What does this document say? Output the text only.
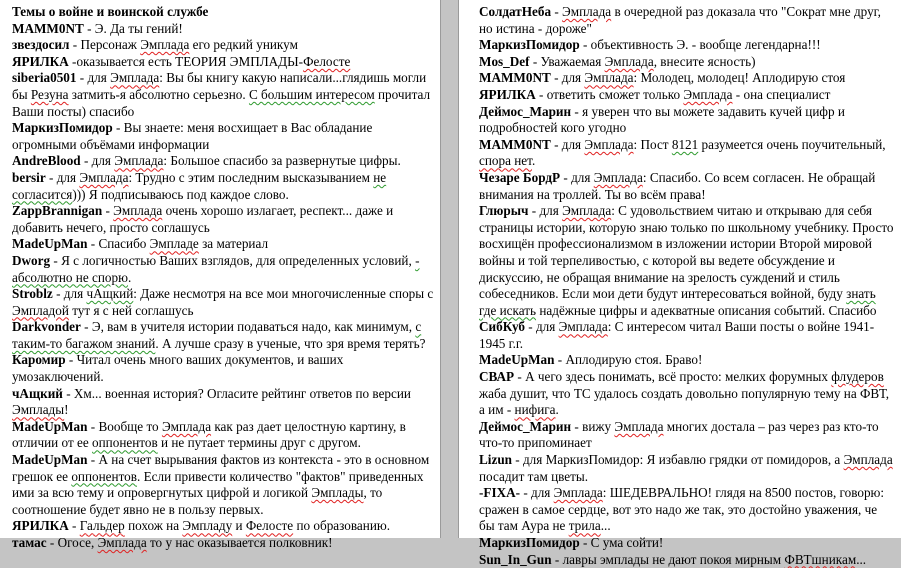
Темы о войне и воинской службе

MAMM0NT - Э. Да ты гений!

звездосил - Персонаж Эмплада его редкий уникум

ЯРИЛКА -оказывается есть ТЕОРИЯ ЭМПЛАДЫ-Фелосте

siberia0501 - для Эмплада: Вы бы книгу какую написали...глядишь могли бы Резуна затмить-я абсолютно серьезно. С большим интересом прочитал Ваши посты) спасибо

МаркизПомидор - Вы знаете: меня восхищает в Вас обладание огромными объёмами информации

AndreBlood - для Эмплада: Большое спасибо за развернутые цифры.

bersir - для Эмплада: Трудно с этим последним высказыванием не согласится))) Я подписываюсь под каждое слово.

ZappBrannigan - Эмплада очень хорошо излагает, респект... даже и добавить нечего, просто соглашусь

MadeUpMan - Спасибо Эмпладе за материал

Dworg - Я с логичностью Ваших взглядов, для определенных условий, - абсолютно не спорю.

Stroblz - для чАщкий: Даже несмотря на все мои многочисленные споры с Эмпладой тут я с ней соглашусь

Darkvonder - Э, вам в учителя истории подаваться надо, как минимум, с таким-то багажом знаний. А лучше сразу в ученые, что зря время терять?

Каромир - Читал очень много ваших документов, и ваших умозаключений.

чАщкий - Хм... военная история? Огласите рейтинг ответов по версии Эмплады!

MadeUpMan - Вообще то Эмплада как раз дает целостную картину, в отличии от ее оппонентов и не путает термины друг с другом.

MadeUpMan - А на счет вырывания фактов из контекста - это в основном грешок ее оппонентов. Если привести количество "фактов" приведенных ими за всю тему и опровергнутых цифрой и логикой Эмплады, то соотношение будет явно не в пользу первых.

ЯРИЛКА - Гальдер похож на Эмпладу и Фелосте по образованию.

тамас - Огосе, Эмплада то у нас оказывается полковник!

СолдатНеба - Эмплада в очередной раз доказала что "Сократ мне друг, но истина - дороже"

МаркизПомидор - объективность Э. - вообще легендарна!!!

Mos_Def - Уважаемая Эмплада, внесите ясность)

MAMM0NT - для Эмплада: Молодец, молодец! Аплодирую стоя

ЯРИЛКА - ответить сможет только Эмплада - она специалист

Деймос_Марин - я уверен что вы можете задавить кучей цифр и подробностей кого угодно

MAMM0NT - для Эмплада: Пост 8121 разумеется очень поучительный, спора нет.

Чезаре БордР - для Эмплада: Спасибо. Со всем согласен. Не обращай внимания на троллей. Ты во всём права!

Глюрыч - для Эмплада: С удовольствием читаю и открываю для себя страницы истории, которую знаю только по школьному учебнику. Просто восхищён профессионализмом в изложении истории Второй мировой войны и той терпеливостью, с которой вы ведете обсуждение и дискуссию, не обращая внимание на зрелость суждений и стиль собеседников. Если мои дети будут интересоваться войной, буду знать где искать надёжные цифры и адекватные описания событий. Спасибо

СибКуб - для Эмплада: С интересом читал Ваши посты о войне 1941-1945 г.г.

MadeUpMan - Аплодирую стоя. Браво!

СВАР - А чего здесь понимать, всё просто: мелких форумных флудеров жаба душит, что ТС удалось создать довольно популярную тему на ФВТ, а им - нифига.

Деймос_Марин - вижу Эмплада многих достала – раз через раз кто-то что-то припоминает

Lizun - для МаркизПомидор: Я избавлю грядки от помидоров, а Эмплада посадит там цветы.

-FIXA- - для Эмплада: ШЕДЕВРАЛЬНО! глядя на 8500 постов, говорю: сражен в самое сердце, вот это надо же так, это достойно уважения, че бы там Аура не трила...

МаркизПомидор - С ума сойти!

Sun_In_Gun - лавры эмплады не дают покоя мирным ФВТшникам...
